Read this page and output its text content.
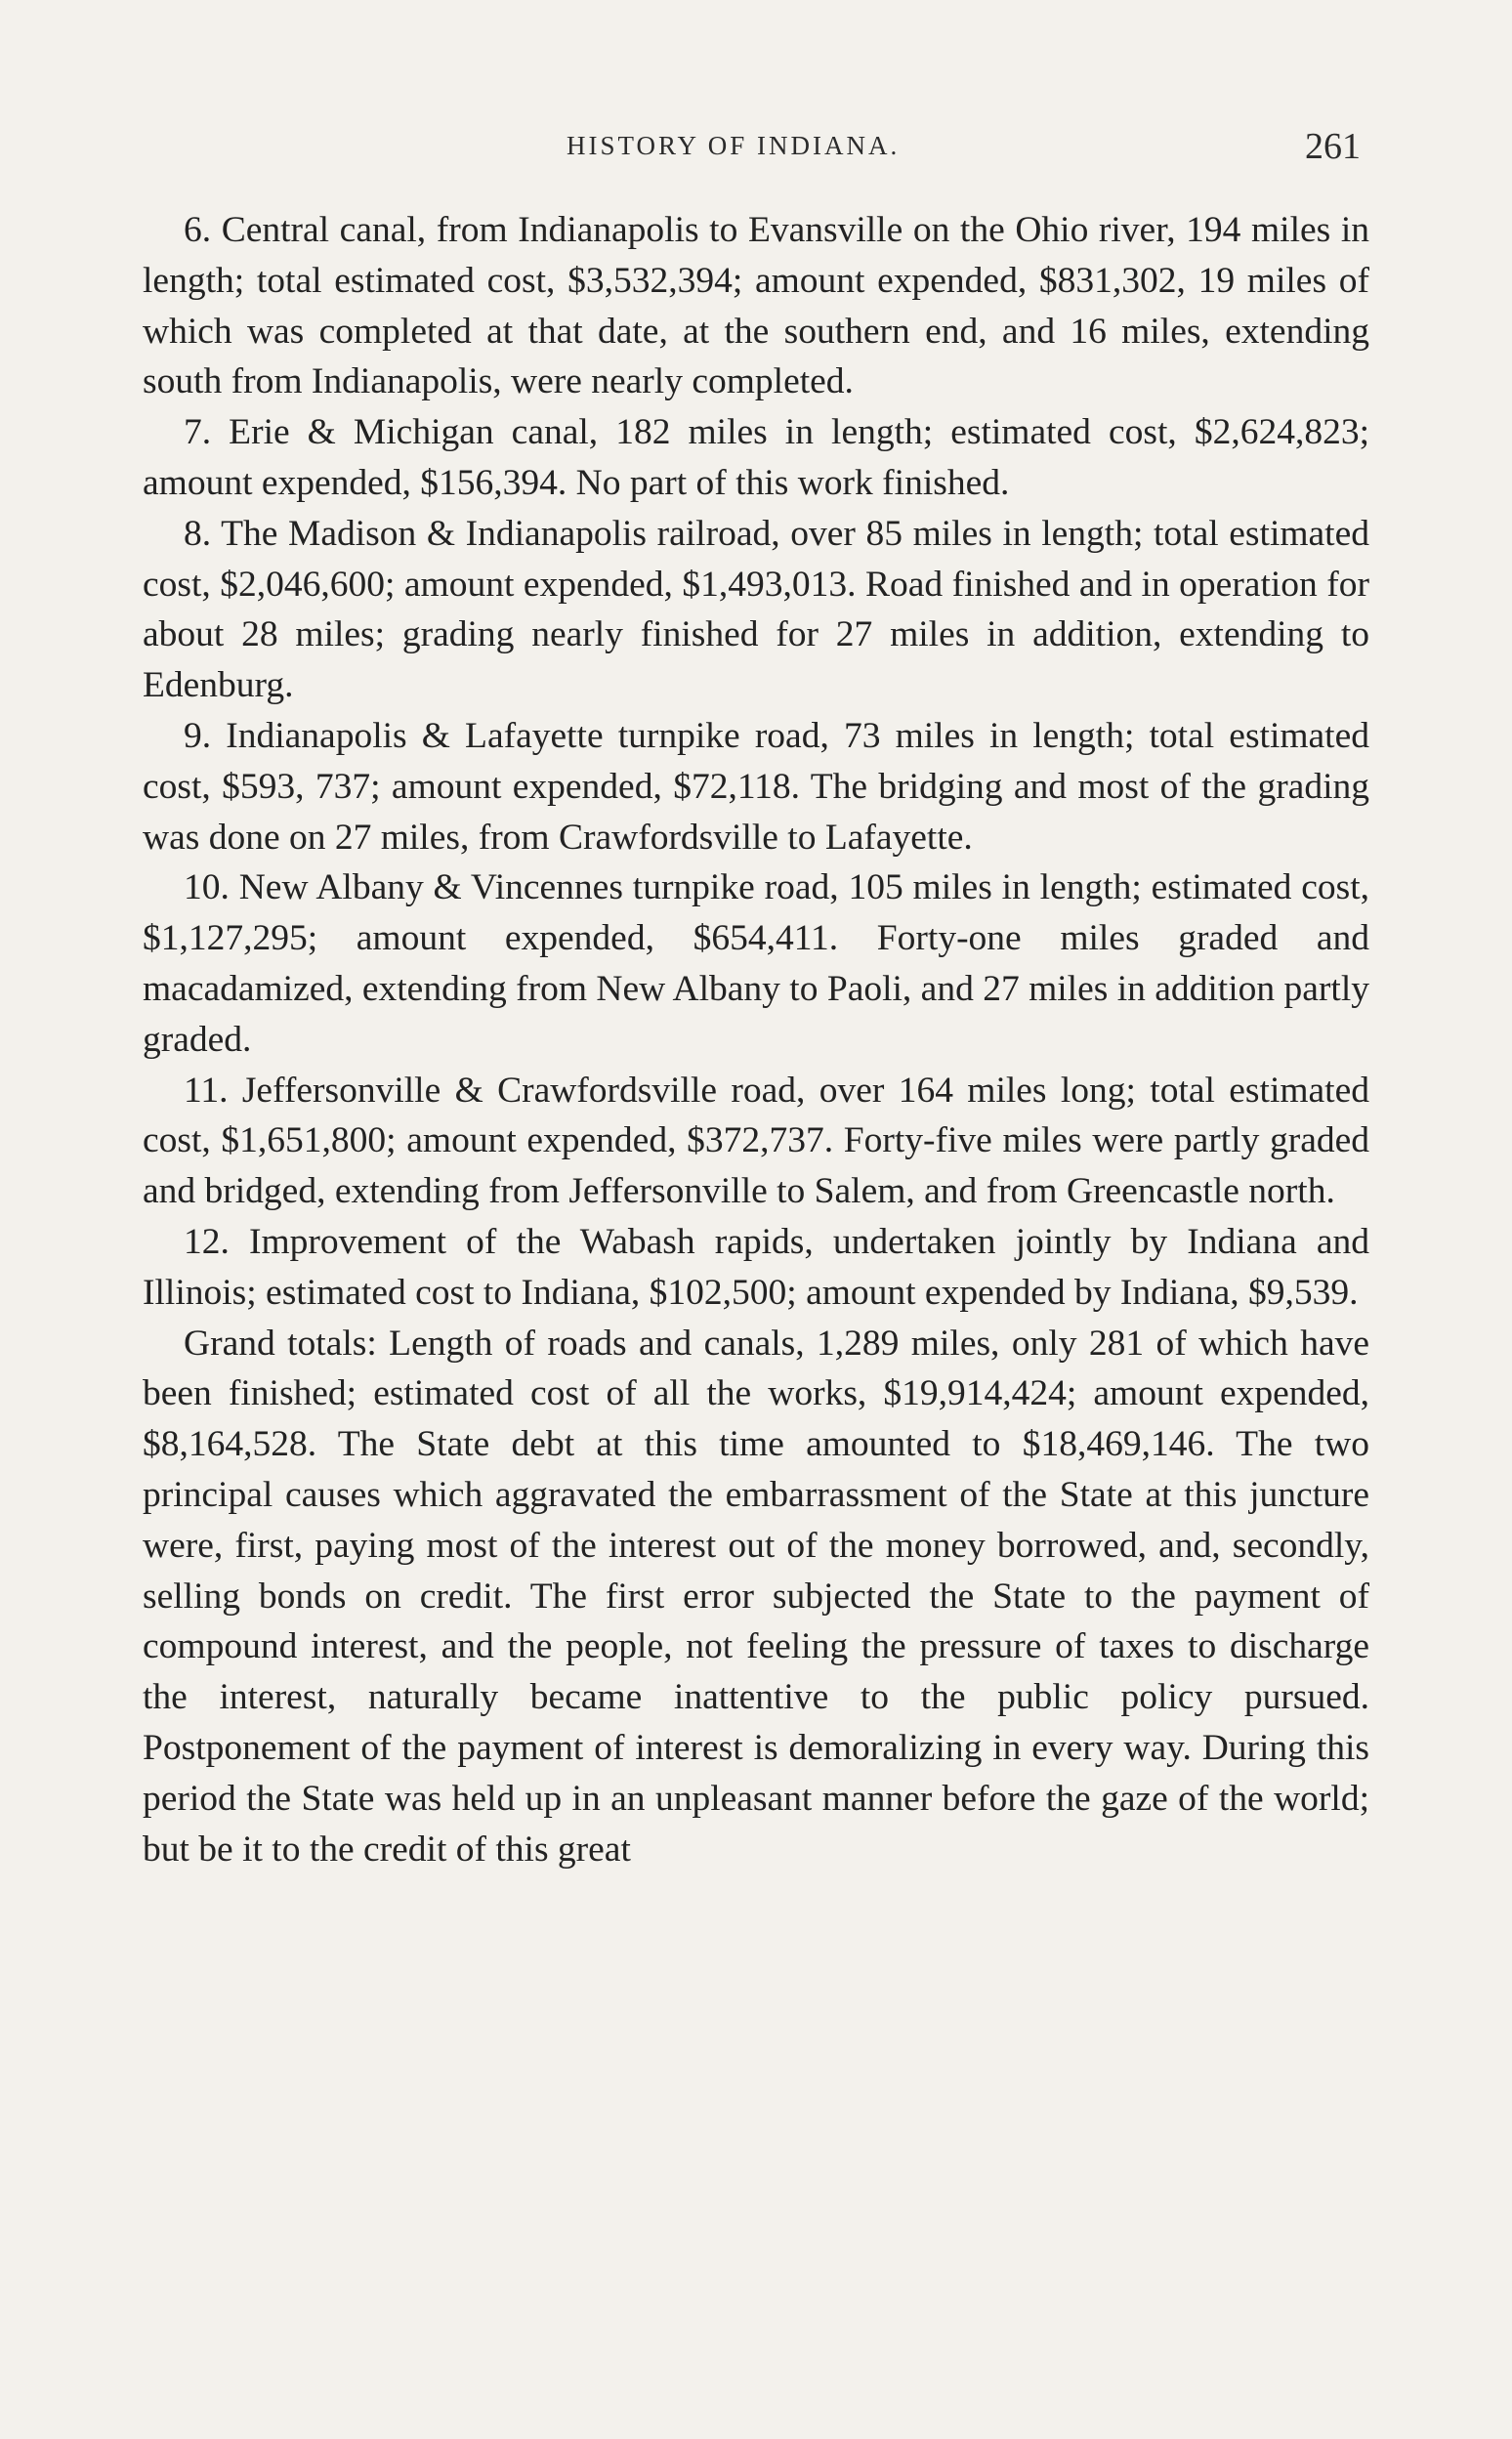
HISTORY OF INDIANA.	261

6. Central canal, from Indianapolis to Evansville on the Ohio river, 194 miles in length; total estimated cost, $3,532,394; amount expended, $831,302, 19 miles of which was completed at that date, at the southern end, and 16 miles, extending south from Indianapolis, were nearly completed.

7. Erie & Michigan canal, 182 miles in length; estimated cost, $2,624,823; amount expended, $156,394. No part of this work finished.

8. The Madison & Indianapolis railroad, over 85 miles in length; total estimated cost, $2,046,600; amount expended, $1,493,013. Road finished and in operation for about 28 miles; grading nearly finished for 27 miles in addition, extending to Edenburg.

9. Indianapolis & Lafayette turnpike road, 73 miles in length; total estimated cost, $593, 737; amount expended, $72,118. The bridging and most of the grading was done on 27 miles, from Crawfordsville to Lafayette.

10. New Albany & Vincennes turnpike road, 105 miles in length; estimated cost, $1,127,295; amount expended, $654,411. Forty-one miles graded and macadamized, extending from New Albany to Paoli, and 27 miles in addition partly graded.

11. Jeffersonville & Crawfordsville road, over 164 miles long; total estimated cost, $1,651,800; amount expended, $372,737. Forty-five miles were partly graded and bridged, extending from Jeffersonville to Salem, and from Greencastle north.

12. Improvement of the Wabash rapids, undertaken jointly by Indiana and Illinois; estimated cost to Indiana, $102,500; amount expended by Indiana, $9,539.

Grand totals: Length of roads and canals, 1,289 miles, only 281 of which have been finished; estimated cost of all the works, $19,914,424; amount expended, $8,164,528. The State debt at this time amounted to $18,469,146. The two principal causes which aggravated the embarrassment of the State at this juncture were, first, paying most of the interest out of the money borrowed, and, secondly, selling bonds on credit. The first error subjected the State to the payment of compound interest, and the people, not feeling the pressure of taxes to discharge the interest, naturally became inattentive to the public policy pursued. Postponement of the payment of interest is demoralizing in every way. During this period the State was held up in an unpleasant manner before the gaze of the world; but be it to the credit of this great
